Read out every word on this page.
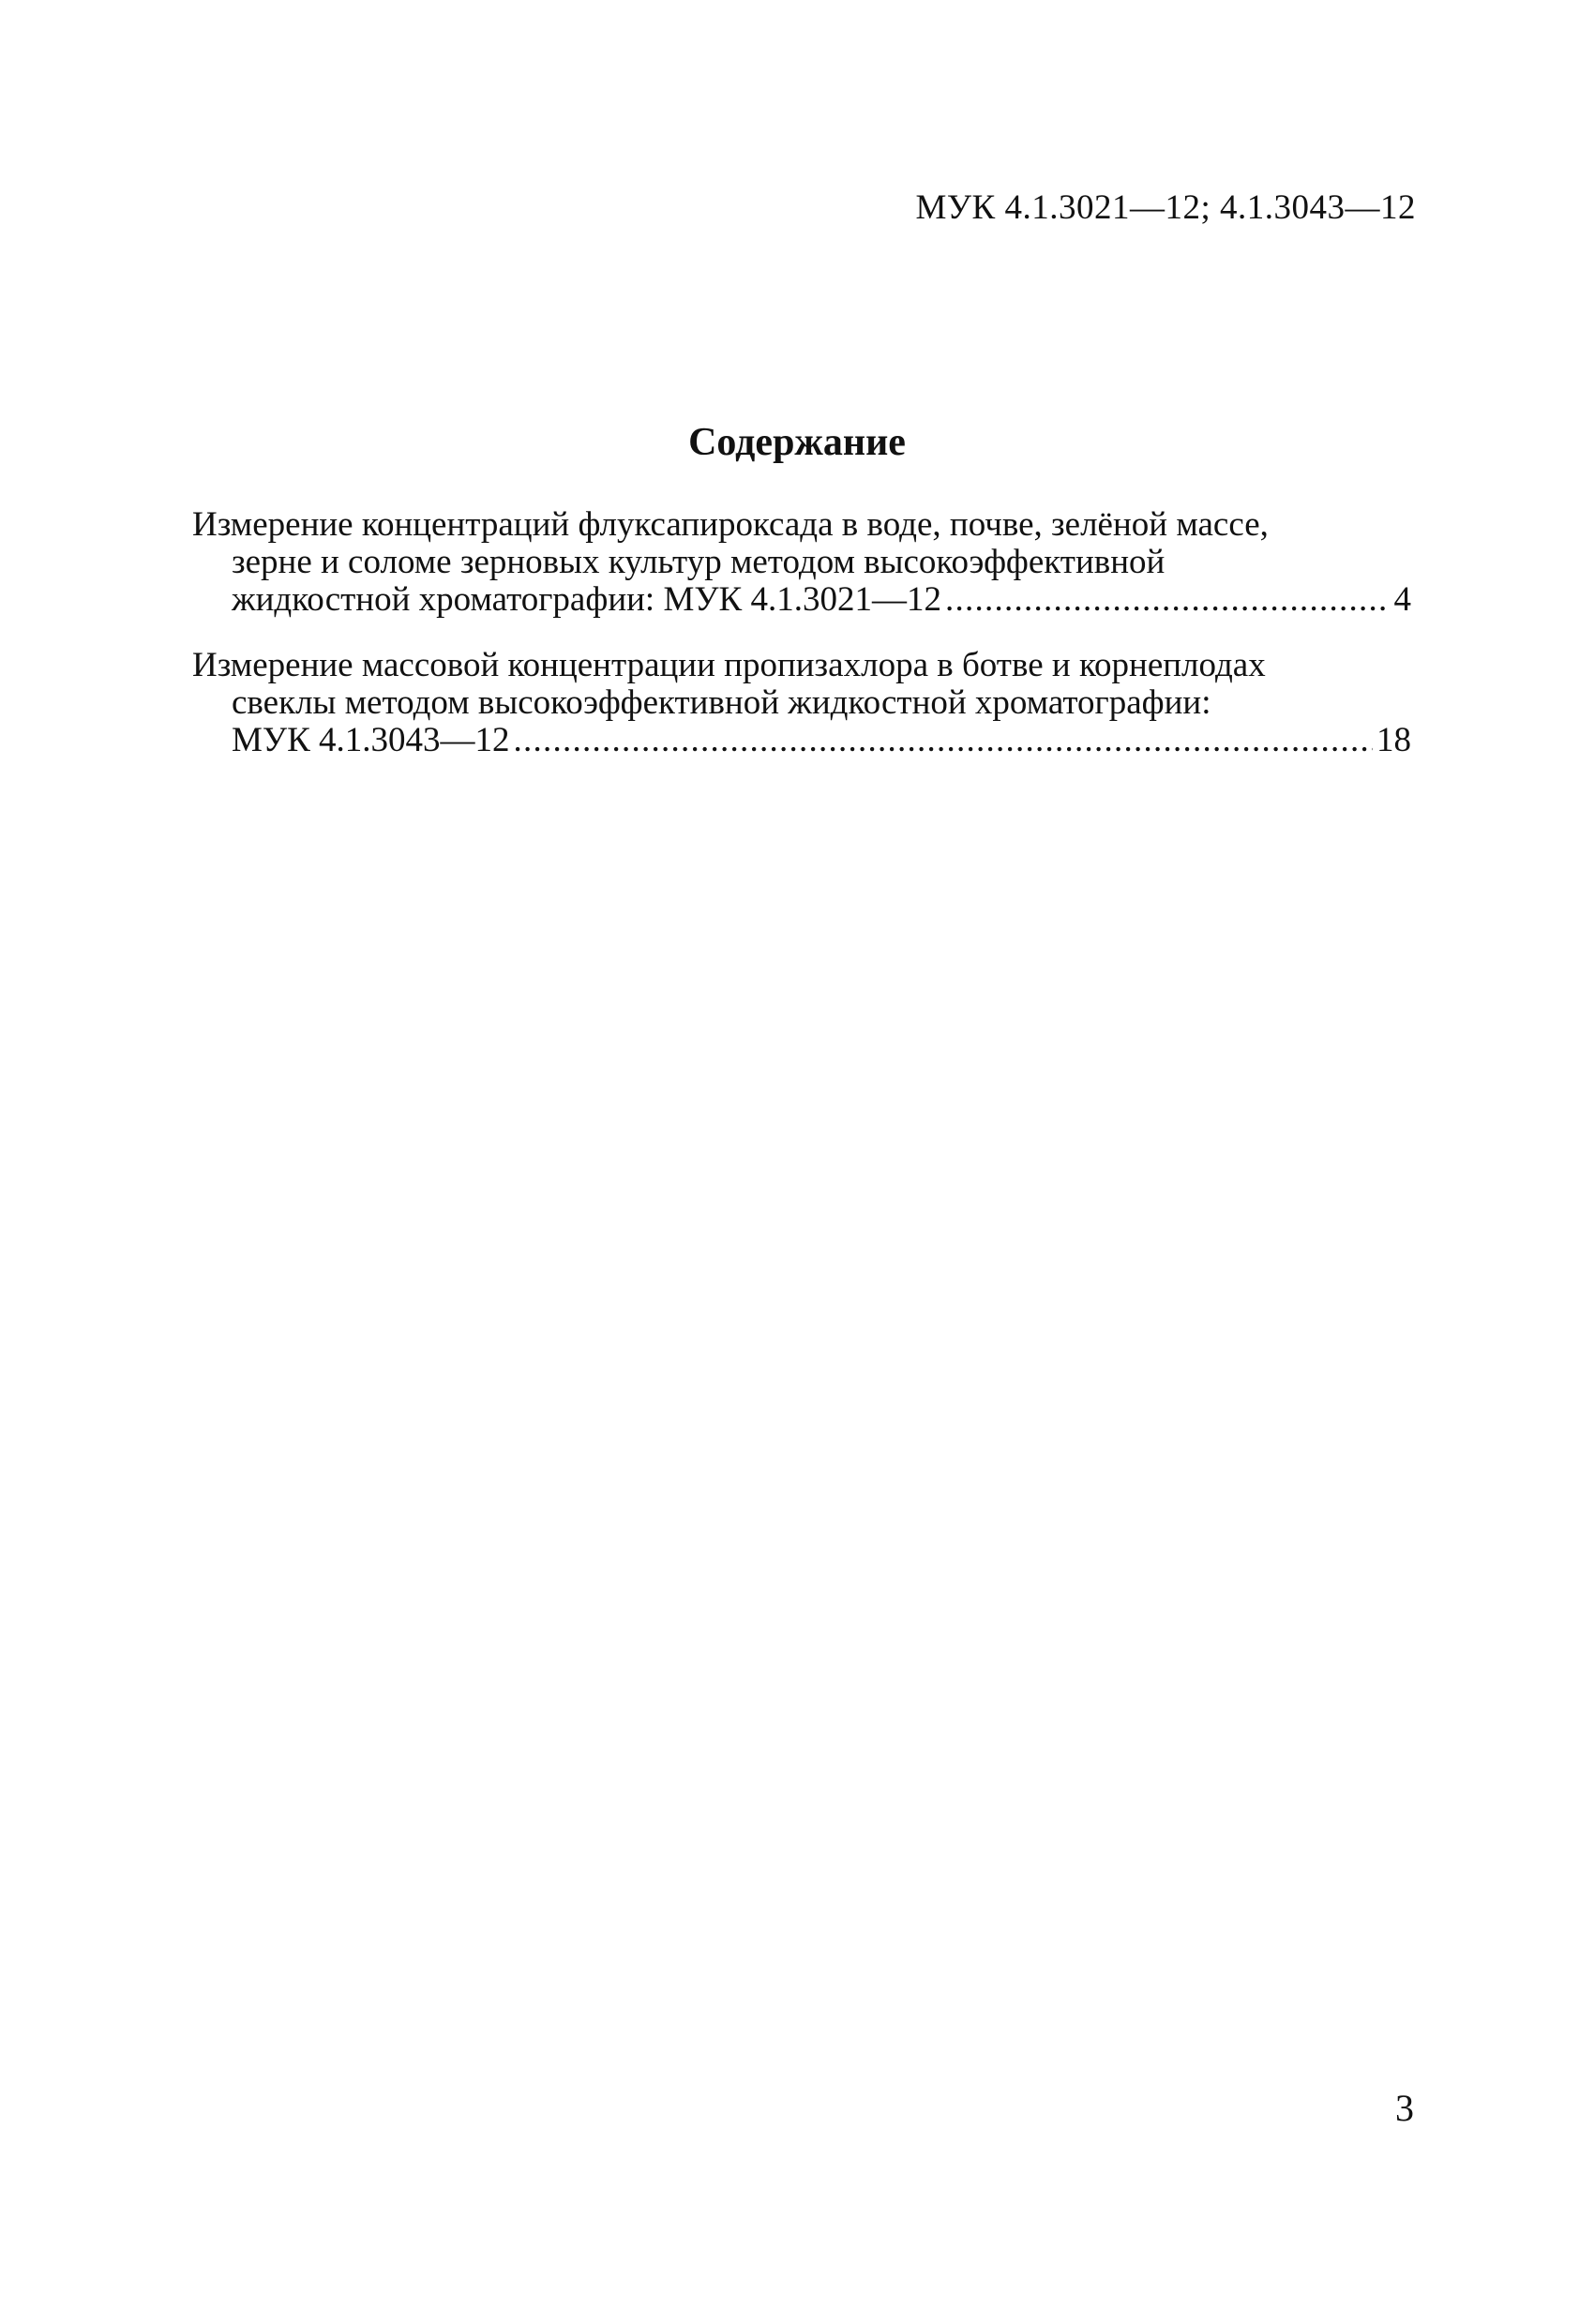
МУК 4.1.3021—12; 4.1.3043—12
Содержание
Измерение концентраций флуксапироксада в воде, почве, зелёной массе,
зерне и соломе зерновых культур методом высокоэффективной
жидкостной хроматографии: МУК 4.1.3021—12 . . .	4
Измерение массовой концентрации пропизахлора в ботве и корнеплодах
свеклы методом высокоэффективной жидкостной хроматографии:
МУК 4.1.3043—12 . . .	18
3
